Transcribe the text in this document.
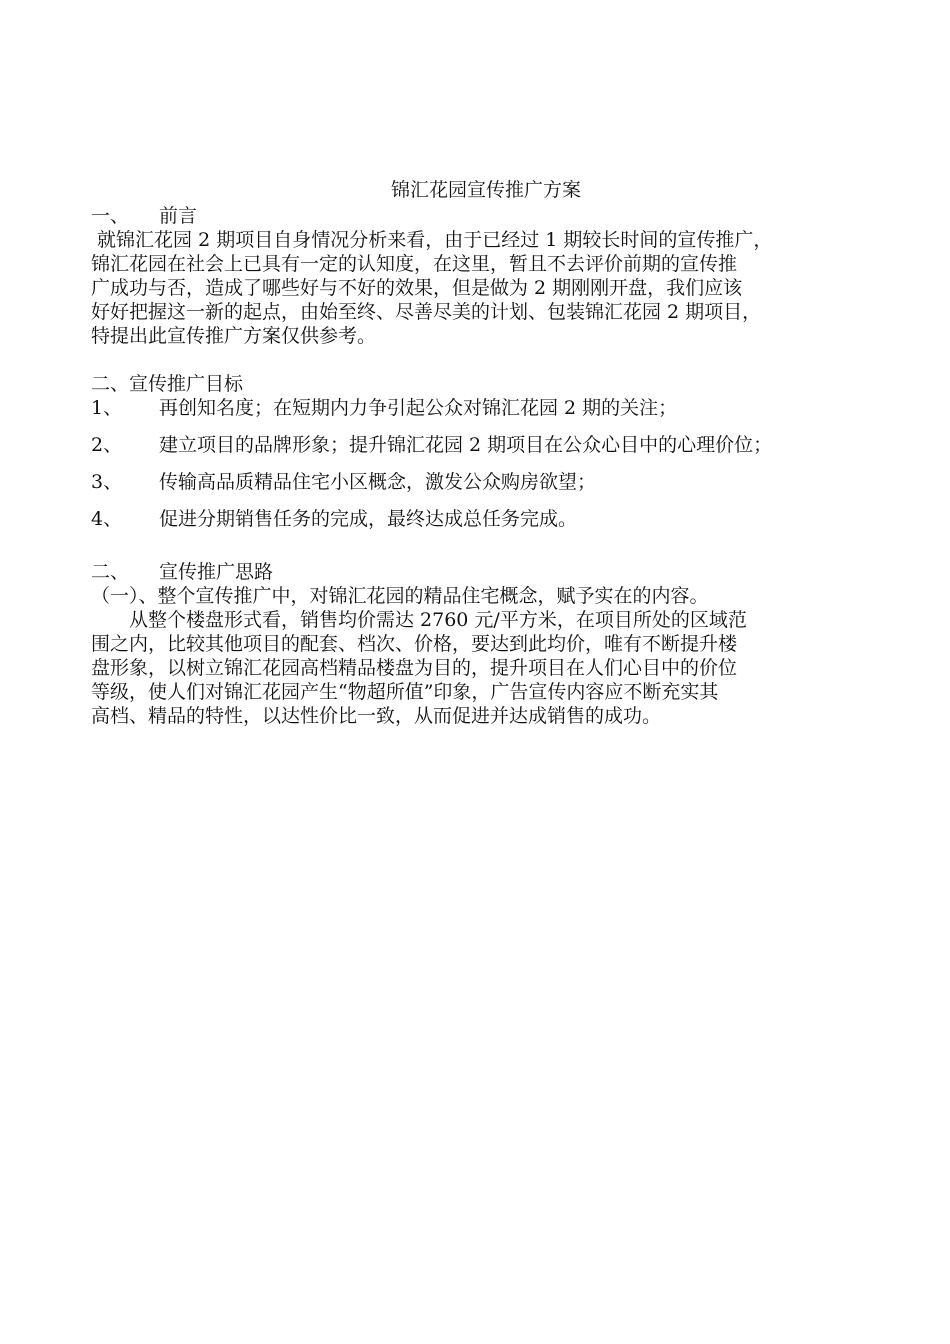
锦汇花园宣传推广方案

一、 前言

就锦汇花园 2 期项目自身情况分析来看，由于已经过 1 期较长时间的宣传推广，

锦汇花园在社会上已具有一定的认知度，在这里，暂且不去评价前期的宣传推

广成功与否，造成了哪些好与不好的效果，但是做为 2 期刚刚开盘，我们应该

好好把握这一新的起点，由始至终、尽善尽美的计划、包装锦汇花园 2 期项目，

特提出此宣传推广方案仅供参考。

二、宣传推广目标

1、 再创知名度；在短期内力争引起公众对锦汇花园 2 期的关注；

2、 建立项目的品牌形象；提升锦汇花园 2 期项目在公众心目中的心理价位；

3、 传输高品质精品住宅小区概念，激发公众购房欲望；

4、 促进分期销售任务的完成，最终达成总任务完成。

二、 宣传推广思路

（一）、整个宣传推广中，对锦汇花园的精品住宅概念，赋予实在的内容。

　　从整个楼盘形式看，销售均价需达 2760 元/平方米，在项目所处的区域范

围之内，比较其他项目的配套、档次、价格，要达到此均价，唯有不断提升楼

盘形象，以树立锦汇花园高档精品楼盘为目的，提升项目在人们心目中的价位

等级，使人们对锦汇花园产生“物超所值”印象，广告宣传内容应不断充实其

高档、精品的特性，以达性价比一致，从而促进并达成销售的成功。
